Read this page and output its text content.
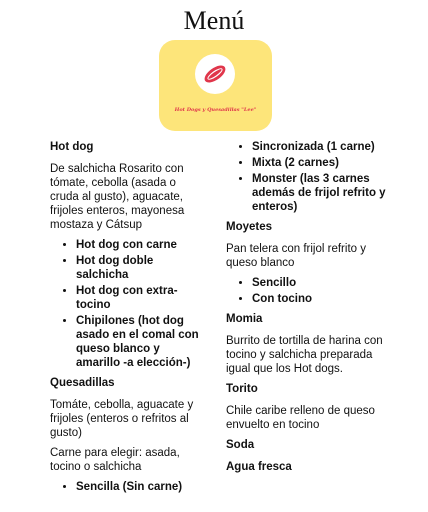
Menú
Hot Dogs y Quesadillas "Lee"
Hot dog

De salchicha Rosarito con tómate, cebolla (asada o cruda al gusto), aguacate, frijoles enteros, mayonesa mostaza y Cátsup

• Hot dog con carne
• Hot dog doble salchicha
• Hot dog con extra-tocino
• Chipilones (hot dog asado en el comal con queso blanco y amarillo -a elección-)
Quesadillas

Tomáte, cebolla, aguacate y frijoles (enteros o refritos al gusto)

Carne para elegir: asada, tocino o salchicha

• Sencilla (Sin carne)
• Sincronizada (1 carne)
• Mixta (2 carnes)
• Monster (las 3 carnes además de frijol refrito y enteros)
Moyetes

Pan telera con frijol refrito y queso blanco

• Sencillo
• Con tocino
Momia

Burrito de tortilla de harina con tocino y salchicha preparada igual que los Hot dogs.

Torito

Chile caribe relleno de queso envuelto en tocino

Soda
Agua fresca
